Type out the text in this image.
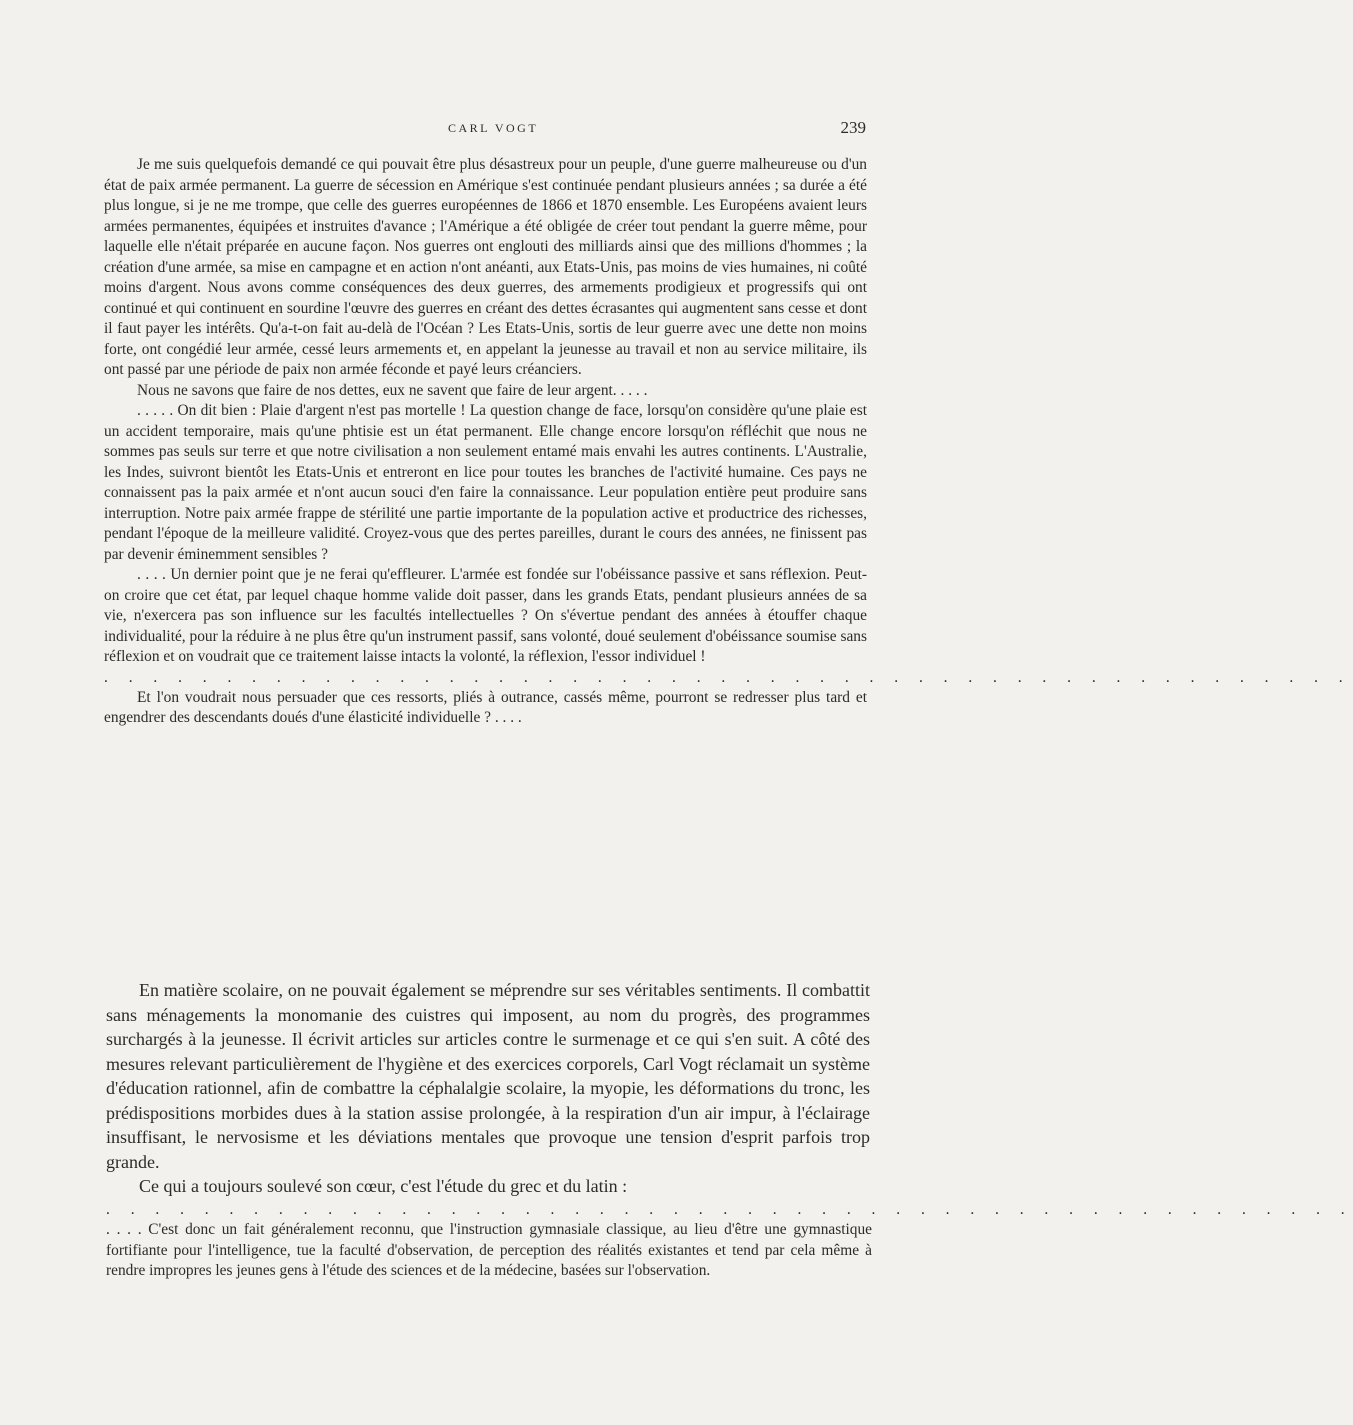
CARL VOGT	239

Je me suis quelquefois demandé ce qui pouvait être plus désastreux pour un peuple, d'une guerre malheureuse ou d'un état de paix armée permanent. La guerre de sécession en Amérique s'est continuée pendant plusieurs années ; sa durée a été plus longue, si je ne me trompe, que celle des guerres européennes de 1866 et 1870 ensemble. Les Européens avaient leurs armées permanentes, équipées et instruites d'avance ; l'Amérique a été obligée de créer tout pendant la guerre même, pour laquelle elle n'était préparée en aucune façon. Nos guerres ont englouti des milliards ainsi que des millions d'hommes ; la création d'une armée, sa mise en campagne et en action n'ont anéanti, aux Etats-Unis, pas moins de vies humaines, ni coûté moins d'argent. Nous avons comme conséquences des deux guerres, des armements prodigieux et progressifs qui ont continué et qui continuent en sourdine l'œuvre des guerres en créant des dettes écrasantes qui augmentent sans cesse et dont il faut payer les intérêts. Qu'a-t-on fait au-delà de l'Océan ? Les Etats-Unis, sortis de leur guerre avec une dette non moins forte, ont congédié leur armée, cessé leurs armements et, en appelant la jeunesse au travail et non au service militaire, ils ont passé par une période de paix non armée féconde et payé leurs créanciers.

Nous ne savons que faire de nos dettes, eux ne savent que faire de leur argent. . . . .

. . . . . On dit bien : Plaie d'argent n'est pas mortelle ! La question change de face, lorsqu'on considère qu'une plaie est un accident temporaire, mais qu'une phtisie est un état permanent. Elle change encore lorsqu'on réfléchit que nous ne sommes pas seuls sur terre et que notre civilisation a non seulement entamé mais envahi les autres continents. L'Australie, les Indes, suivront bientôt les Etats-Unis et entreront en lice pour toutes les branches de l'activité humaine. Ces pays ne connaissent pas la paix armée et n'ont aucun souci d'en faire la connaissance. Leur population entière peut produire sans interruption. Notre paix armée frappe de stérilité une partie importante de la population active et productrice des richesses, pendant l'époque de la meilleure validité. Croyez-vous que des pertes pareilles, durant le cours des années, ne finissent pas par devenir éminemment sensibles ?

. . . . Un dernier point que je ne ferai qu'effleurer. L'armée est fondée sur l'obéissance passive et sans réflexion. Peut-on croire que cet état, par lequel chaque homme valide doit passer, dans les grands Etats, pendant plusieurs années de sa vie, n'exercera pas son influence sur les facultés intellectuelles ? On s'évertue pendant des années à étouffer chaque individualité, pour la réduire à ne plus être qu'un instrument passif, sans volonté, doué seulement d'obéissance soumise sans réflexion et on voudrait que ce traitement laisse intacts la volonté, la réflexion, l'essor individuel !

. . . . . . . . . . . . . . . . . . . . . . . . . . . . . . . . . . . . . . . . . . . . . . . . . . .

Et l'on voudrait nous persuader que ces ressorts, pliés à outrance, cassés même, pourront se redresser plus tard et engendrer des descendants doués d'une élasticité individuelle ? . . . .

En matière scolaire, on ne pouvait également se méprendre sur ses véritables sentiments. Il combattit sans ménagements la monomanie des cuistres qui imposent, au nom du progrès, des programmes surchargés à la jeunesse. Il écrivit articles sur articles contre le surmenage et ce qui s'en suit. A côté des mesures relevant particulièrement de l'hygiène et des exercices corporels, Carl Vogt réclamait un système d'éducation rationnel, afin de combattre la céphalalgie scolaire, la myopie, les déformations du tronc, les prédispositions morbides dues à la station assise prolongée, à la respiration d'un air impur, à l'éclairage insuffisant, le nervosisme et les déviations mentales que provoque une tension d'esprit parfois trop grande.

Ce qui a toujours soulevé son cœur, c'est l'étude du grec et du latin :

. . . . . . . . . . . . . . . . . . . . . . . . . . . . . . . . . . . . . . . . . . . . . . . . . . .

. . . . C'est donc un fait généralement reconnu, que l'instruction gymnasiale classique, au lieu d'être une gymnastique fortifiante pour l'intelligence, tue la faculté d'observation, de perception des réalités existantes et tend par cela même à rendre impropres les jeunes gens à l'étude des sciences et de la médecine, basées sur l'observation.
